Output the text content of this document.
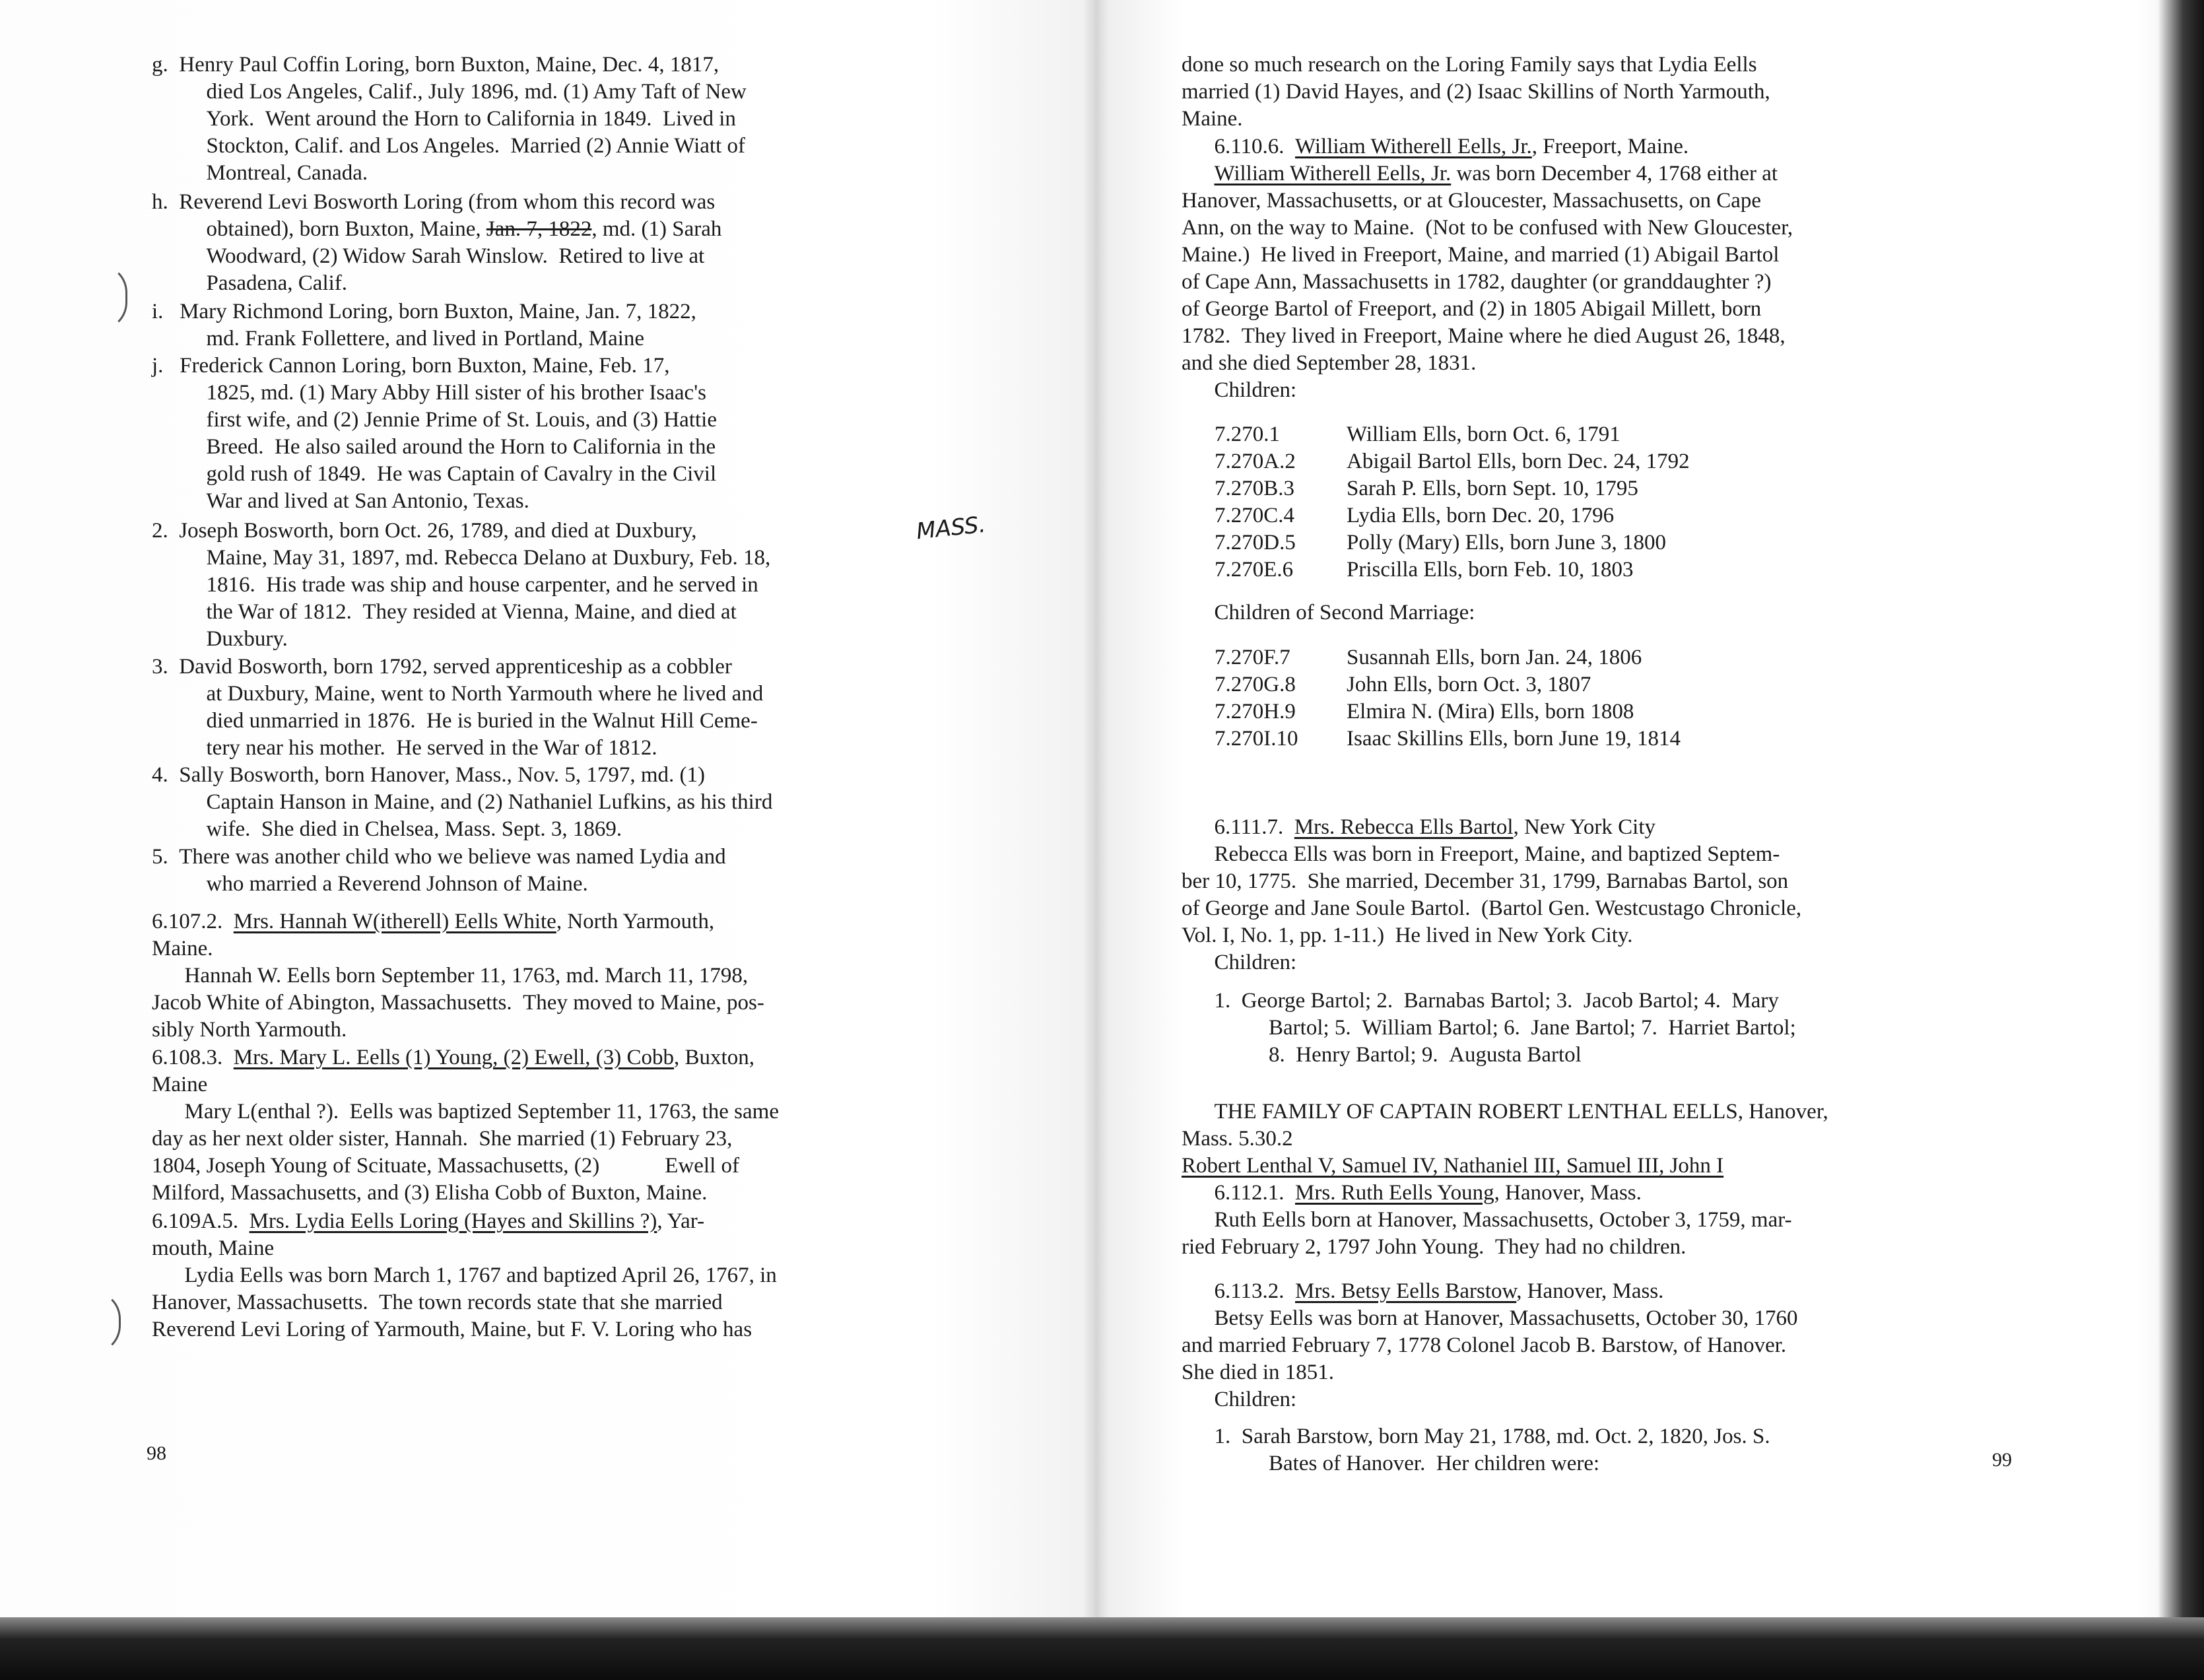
g.  Henry Paul Coffin Loring, born Buxton, Maine, Dec. 4, 1817,
died Los Angeles, Calif., July 1896, md. (1) Amy Taft of New
York.  Went around the Horn to California in 1849.  Lived in
Stockton, Calif. and Los Angeles.  Married (2) Annie Wiatt of
Montreal, Canada.
h.  Reverend Levi Bosworth Loring (from whom this record was
obtained), born Buxton, Maine, Jan. 7, 1822, md. (1) Sarah
Woodward, (2) Widow Sarah Winslow.  Retired to live at
Pasadena, Calif.
i.   Mary Richmond Loring, born Buxton, Maine, Jan. 7, 1822,
md. Frank Follettere, and lived in Portland, Maine
j.   Frederick Cannon Loring, born Buxton, Maine, Feb. 17,
1825, md. (1) Mary Abby Hill sister of his brother Isaac's
first wife, and (2) Jennie Prime of St. Louis, and (3) Hattie
Breed.  He also sailed around the Horn to California in the
gold rush of 1849.  He was Captain of Cavalry in the Civil
War and lived at San Antonio, Texas.
2.  Joseph Bosworth, born Oct. 26, 1789, and died at Duxbury,
Maine, May 31, 1897, md. Rebecca Delano at Duxbury, Feb. 18,
1816.  His trade was ship and house carpenter, and he served in
the War of 1812.  They resided at Vienna, Maine, and died at
Duxbury.
3.  David Bosworth, born 1792, served apprenticeship as a cobbler
at Duxbury, Maine, went to North Yarmouth where he lived and
died unmarried in 1876.  He is buried in the Walnut Hill Ceme-
tery near his mother.  He served in the War of 1812.
4.  Sally Bosworth, born Hanover, Mass., Nov. 5, 1797, md. (1)
Captain Hanson in Maine, and (2) Nathaniel Lufkins, as his third
wife.  She died in Chelsea, Mass. Sept. 3, 1869.
5.  There was another child who we believe was named Lydia and
who married a Reverend Johnson of Maine.
6.107.2.  Mrs. Hannah W(itherell) Eells White, North Yarmouth,
Maine.
Hannah W. Eells born September 11, 1763, md. March 11, 1798,
Jacob White of Abington, Massachusetts.  They moved to Maine, pos-
sibly North Yarmouth.
6.108.3.  Mrs. Mary L. Eells (1) Young, (2) Ewell, (3) Cobb, Buxton,
Maine
Mary L(enthal ?).  Eells was baptized September 11, 1763, the same
day as her next older sister, Hannah.  She married (1) February 23,
1804, Joseph Young of Scituate, Massachusetts, (2)            Ewell of
Milford, Massachusetts, and (3) Elisha Cobb of Buxton, Maine.
6.109A.5.  Mrs. Lydia Eells Loring (Hayes and Skillins ?), Yar-
mouth, Maine
Lydia Eells was born March 1, 1767 and baptized April 26, 1767, in
Hanover, Massachusetts.  The town records state that she married
Reverend Levi Loring of Yarmouth, Maine, but F. V. Loring who has
98
MASS.
done so much research on the Loring Family says that Lydia Eells
married (1) David Hayes, and (2) Isaac Skillins of North Yarmouth,
Maine.
6.110.6.  William Witherell Eells, Jr., Freeport, Maine.
William Witherell Eells, Jr. was born December 4, 1768 either at
Hanover, Massachusetts, or at Gloucester, Massachusetts, on Cape
Ann, on the way to Maine.  (Not to be confused with New Gloucester,
Maine.)  He lived in Freeport, Maine, and married (1) Abigail Bartol
of Cape Ann, Massachusetts in 1782, daughter (or granddaughter ?)
of George Bartol of Freeport, and (2) in 1805 Abigail Millett, born
1782.  They lived in Freeport, Maine where he died August 26, 1848,
and she died September 28, 1831.
Children:
7.270.1	William Ells, born Oct. 6, 1791
7.270A.2	Abigail Bartol Ells, born Dec. 24, 1792
7.270B.3	Sarah P. Ells, born Sept. 10, 1795
7.270C.4	Lydia Ells, born Dec. 20, 1796
7.270D.5	Polly (Mary) Ells, born June 3, 1800
7.270E.6	Priscilla Ells, born Feb. 10, 1803
Children of Second Marriage:
7.270F.7	Susannah Ells, born Jan. 24, 1806
7.270G.8	John Ells, born Oct. 3, 1807
7.270H.9	Elmira N. (Mira) Ells, born 1808
7.270I.10	Isaac Skillins Ells, born June 19, 1814
6.111.7.  Mrs. Rebecca Ells Bartol, New York City
Rebecca Ells was born in Freeport, Maine, and baptized Septem-
ber 10, 1775.  She married, December 31, 1799, Barnabas Bartol, son
of George and Jane Soule Bartol.  (Bartol Gen. Westcustago Chronicle,
Vol. I, No. 1, pp. 1-11.)  He lived in New York City.
Children:
1.  George Bartol; 2.  Barnabas Bartol; 3.  Jacob Bartol; 4.  Mary
Bartol; 5.  William Bartol; 6.  Jane Bartol; 7.  Harriet Bartol;
8.  Henry Bartol; 9.  Augusta Bartol
THE FAMILY OF CAPTAIN ROBERT LENTHAL EELLS, Hanover,
Mass. 5.30.2
Robert Lenthal V, Samuel IV, Nathaniel III, Samuel III, John I
6.112.1.  Mrs. Ruth Eells Young, Hanover, Mass.
Ruth Eells born at Hanover, Massachusetts, October 3, 1759, mar-
ried February 2, 1797 John Young.  They had no children.
6.113.2.  Mrs. Betsy Eells Barstow, Hanover, Mass.
Betsy Eells was born at Hanover, Massachusetts, October 30, 1760
and married February 7, 1778 Colonel Jacob B. Barstow, of Hanover.
She died in 1851.
Children:
1.  Sarah Barstow, born May 21, 1788, md. Oct. 2, 1820, Jos. S.
Bates of Hanover.  Her children were:	99
